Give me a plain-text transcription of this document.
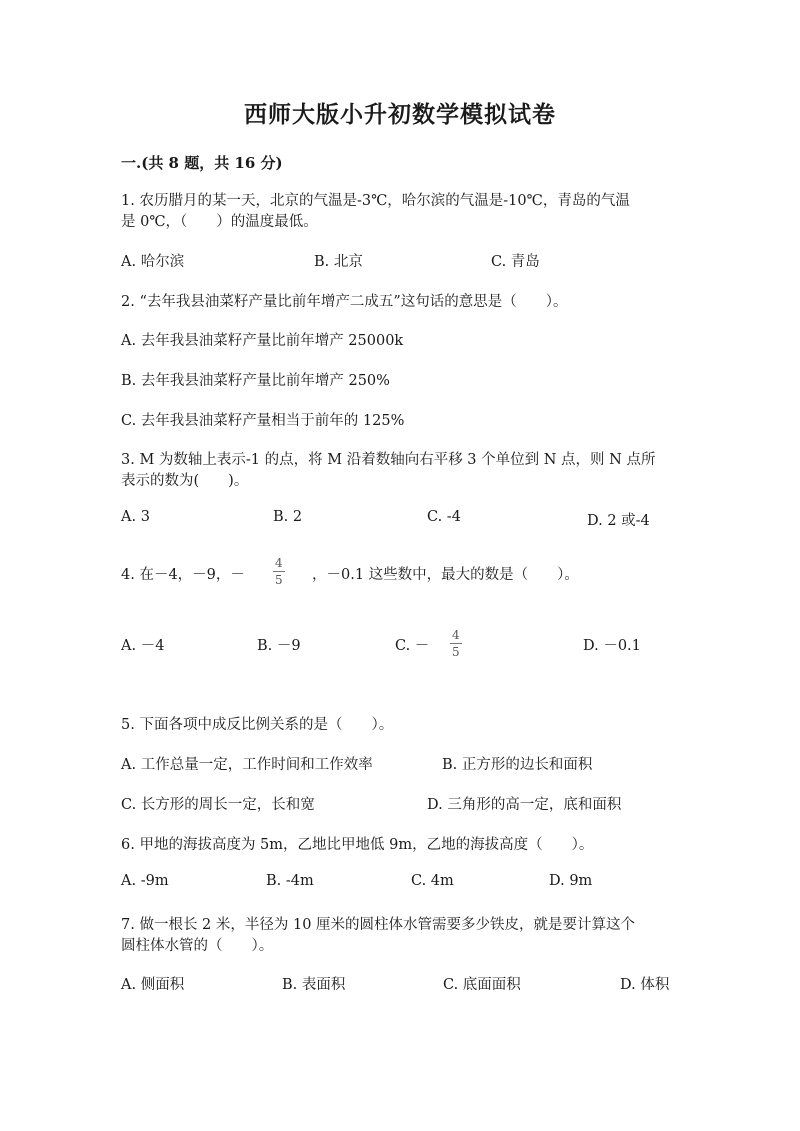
西师大版小升初数学模拟试卷
一.(共 8 题，共 16 分)
1. 农历腊月的某一天，北京的气温是-3℃，哈尔滨的气温是-10℃，青岛的气温
是 0℃，（　　）的温度最低。
A. 哈尔滨	B. 北京	C. 青岛
2. “去年我县油菜籽产量比前年增产二成五”这句话的意思是（　　）。
A. 去年我县油菜籽产量比前年增产 25000k
B. 去年我县油菜籽产量比前年增产 250%
C. 去年我县油菜籽产量相当于前年的 125%
3. M 为数轴上表示-1 的点，将 M 沿着数轴向右平移 3 个单位到 N 点，则 N 点所
表示的数为(　　)。
A. 3	B. 2	C. -4	D. 2 或-4
4. 在－4，－9，－ $\frac{4}{5}$ ，－0.1 这些数中，最大的数是（　　）。
A. －4	B. －9	C. － $\frac{4}{5}$	D. －0.1
5. 下面各项中成反比例关系的是（　　）。
A. 工作总量一定，工作时间和工作效率	B. 正方形的边长和面积
C. 长方形的周长一定，长和宽	D. 三角形的高一定，底和面积
6. 甲地的海拔高度为 5m，乙地比甲地低 9m，乙地的海拔高度（　　）。
A. -9m	B. -4m	C. 4m	D. 9m
7. 做一根长 2 米，半径为 10 厘米的圆柱体水管需要多少铁皮，就是要计算这个
圆柱体水管的（　　）。
A. 侧面积	B. 表面积	C. 底面面积	D. 体积
